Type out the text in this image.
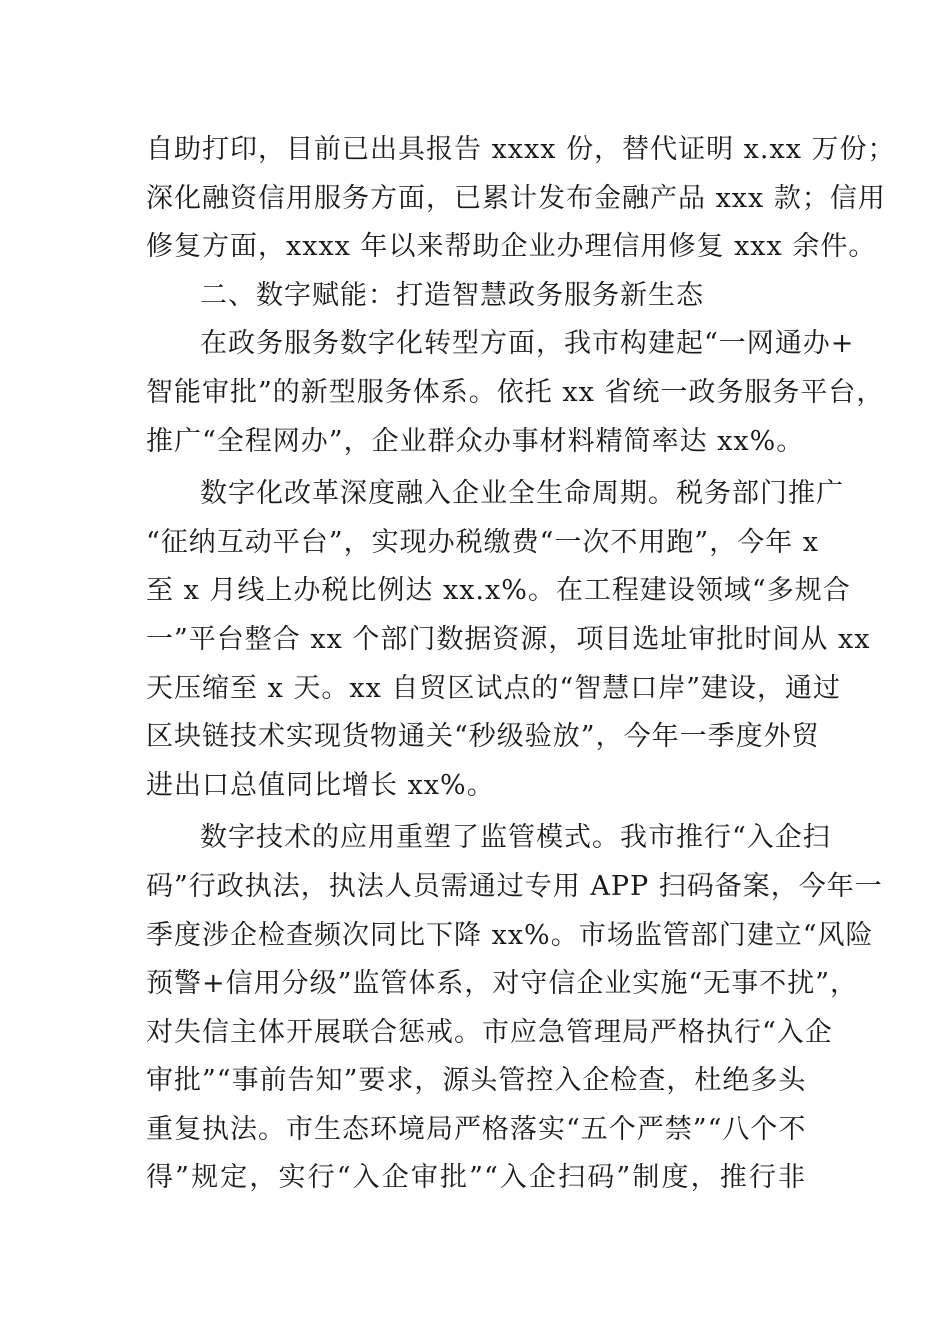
自助打印，目前已出具报告 xxxx 份，替代证明 x.xx 万份；
深化融资信用服务方面，已累计发布金融产品 xxx 款；信用
修复方面，xxxx 年以来帮助企业办理信用修复 xxx 余件。
二、数字赋能：打造智慧政务服务新生态
在政务服务数字化转型方面，我市构建起“一网通办+
智能审批”的新型服务体系。依托 xx 省统一政务服务平台，
推广“全程网办”，企业群众办事材料精简率达 xx%。
数字化改革深度融入企业全生命周期。税务部门推广
“征纳互动平台”，实现办税缴费“一次不用跑”，今年 x
至 x 月线上办税比例达 xx.x%。在工程建设领域“多规合
一”平台整合 xx 个部门数据资源，项目选址审批时间从 xx
天压缩至 x 天。xx 自贸区试点的“智慧口岸”建设，通过
区块链技术实现货物通关“秒级验放”，今年一季度外贸
进出口总值同比增长 xx%。
数字技术的应用重塑了监管模式。我市推行“入企扫
码”行政执法，执法人员需通过专用 APP 扫码备案，今年一
季度涉企检查频次同比下降 xx%。市场监管部门建立“风险
预警+信用分级”监管体系，对守信企业实施“无事不扰”，
对失信主体开展联合惩戒。市应急管理局严格执行“入企
审批”“事前告知”要求，源头管控入企检查，杜绝多头
重复执法。市生态环境局严格落实“五个严禁”“八个不
得”规定，实行“入企审批”“入企扫码”制度，推行非
